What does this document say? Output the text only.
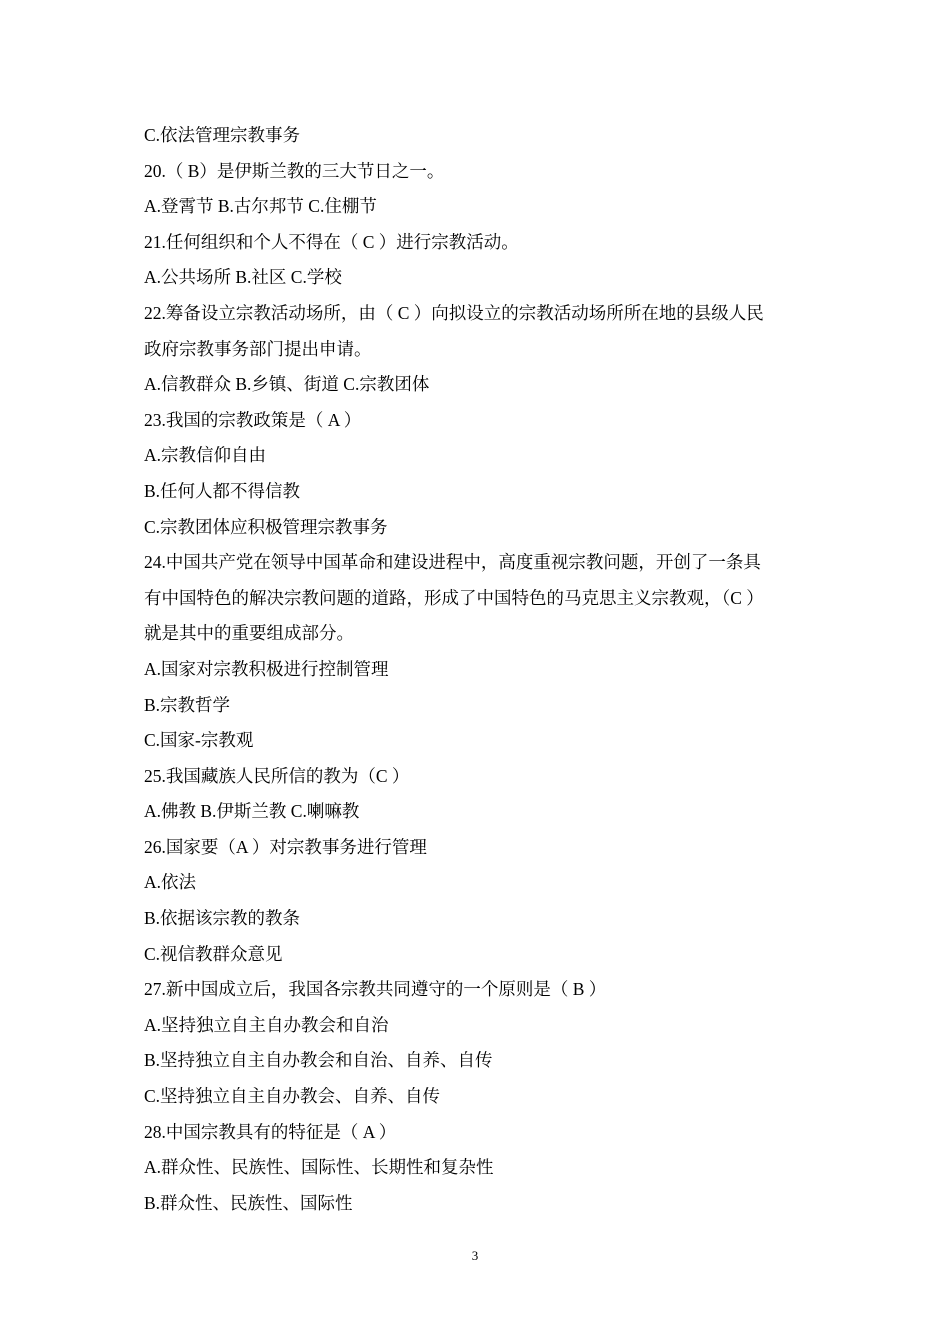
C.依法管理宗教事务
20.（ B）是伊斯兰教的三大节日之一。
A.登霄节 B.古尔邦节 C.住棚节
21.任何组织和个人不得在（ C ）进行宗教活动。
A.公共场所 B.社区 C.学校
22.筹备设立宗教活动场所，由（ C ）向拟设立的宗教活动场所所在地的县级人民
政府宗教事务部门提出申请。
A.信教群众 B.乡镇、街道 C.宗教团体
23.我国的宗教政策是（ A ）
A.宗教信仰自由
B.任何人都不得信教
C.宗教团体应积极管理宗教事务
24.中国共产党在领导中国革命和建设进程中，高度重视宗教问题，开创了一条具
有中国特色的解决宗教问题的道路，形成了中国特色的马克思主义宗教观，（C ）
就是其中的重要组成部分。
A.国家对宗教积极进行控制管理
B.宗教哲学
C.国家-宗教观
25.我国藏族人民所信的教为（C ）
A.佛教 B.伊斯兰教 C.喇嘛教
26.国家要（A ）对宗教事务进行管理
A.依法
B.依据该宗教的教条
C.视信教群众意见
27.新中国成立后，我国各宗教共同遵守的一个原则是（ B ）
A.坚持独立自主自办教会和自治
B.坚持独立自主自办教会和自治、自养、自传
C.坚持独立自主自办教会、自养、自传
28.中国宗教具有的特征是（ A ）
A.群众性、民族性、国际性、长期性和复杂性
B.群众性、民族性、国际性
3
